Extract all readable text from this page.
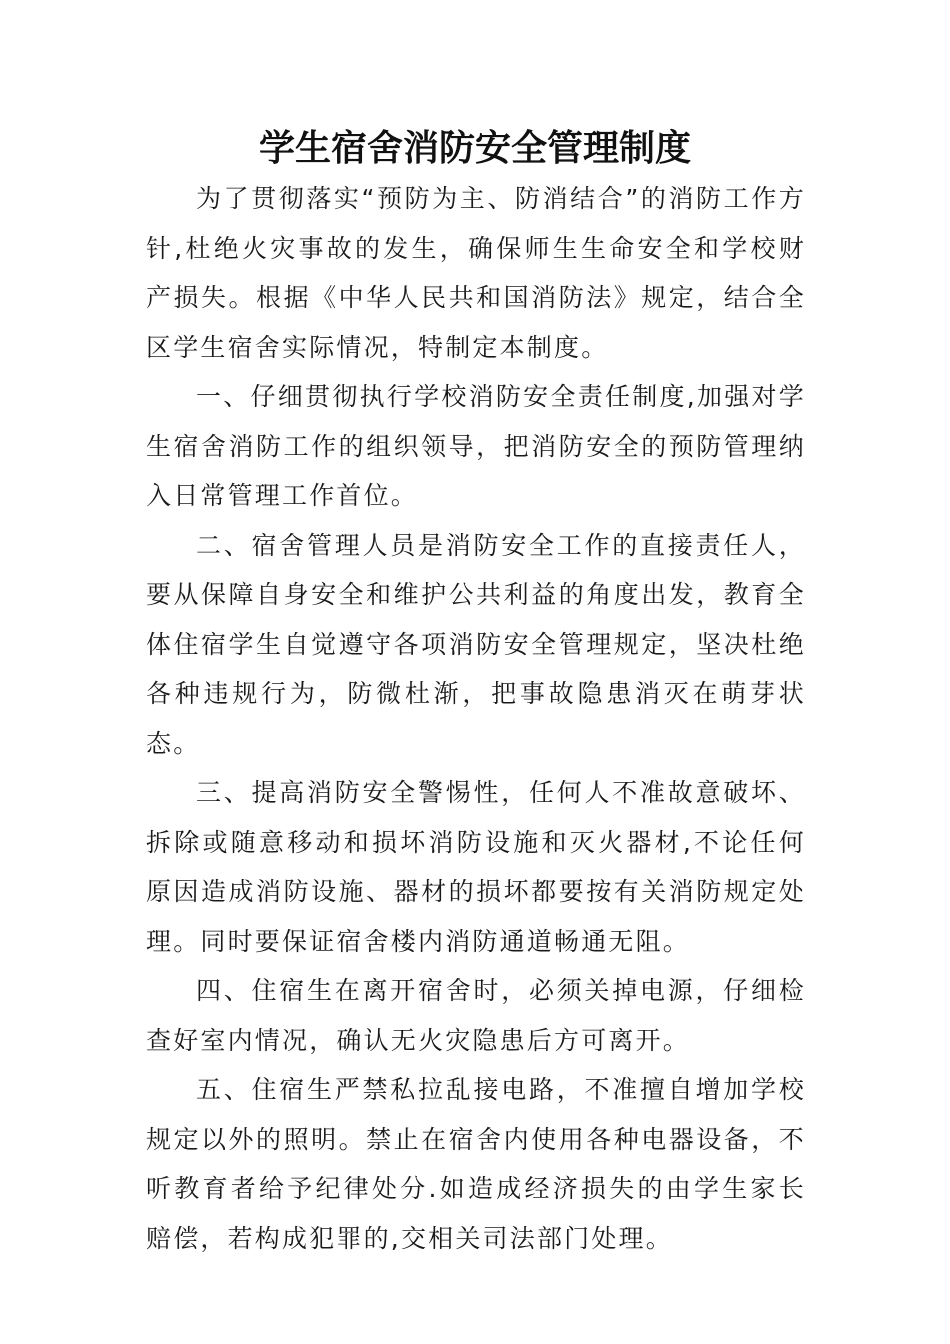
学生宿舍消防安全管理制度

为了贯彻落实“预防为主、防消结合”的消防工作方针,杜绝火灾事故的发生，确保师生生命安全和学校财产损失。根据《中华人民共和国消防法》规定，结合全区学生宿舍实际情况，特制定本制度。

一、仔细贯彻执行学校消防安全责任制度,加强对学生宿舍消防工作的组织领导，把消防安全的预防管理纳入日常管理工作首位。

二、宿舍管理人员是消防安全工作的直接责任人，要从保障自身安全和维护公共利益的角度出发，教育全体住宿学生自觉遵守各项消防安全管理规定，坚决杜绝各种违规行为，防微杜渐，把事故隐患消灭在萌芽状态。

三、提高消防安全警惕性，任何人不准故意破坏、拆除或随意移动和损坏消防设施和灭火器材,不论任何原因造成消防设施、器材的损坏都要按有关消防规定处理。同时要保证宿舍楼内消防通道畅通无阻。

四、住宿生在离开宿舍时，必须关掉电源，仔细检查好室内情况，确认无火灾隐患后方可离开。

五、住宿生严禁私拉乱接电路，不准擅自增加学校规定以外的照明。禁止在宿舍内使用各种电器设备，不听教育者给予纪律处分.如造成经济损失的由学生家长赔偿，若构成犯罪的,交相关司法部门处理。
